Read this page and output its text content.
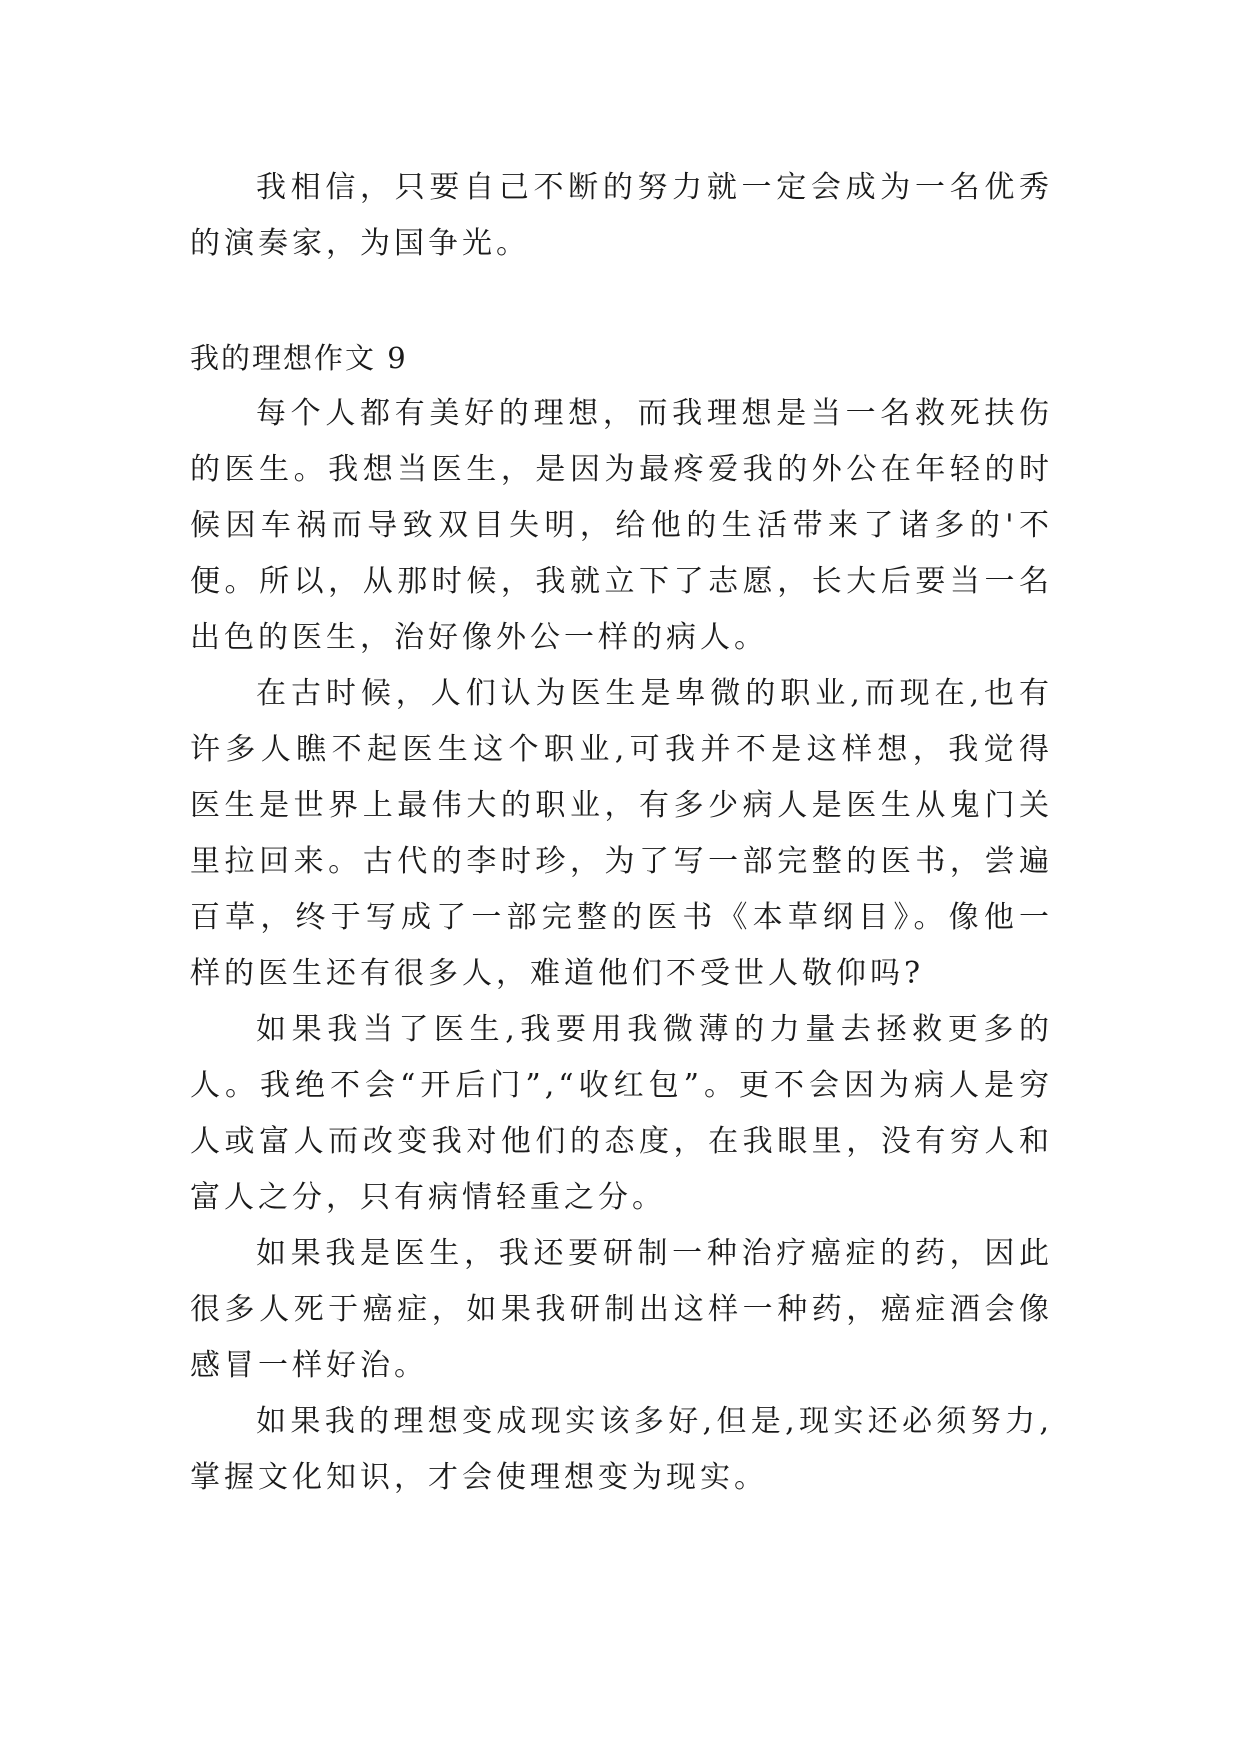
我相信，只要自己不断的努力就一定会成为一名优秀的演奏家，为国争光。

我的理想作文 9

每个人都有美好的理想，而我理想是当一名救死扶伤的医生。我想当医生，是因为最疼爱我的外公在年轻的时候因车祸而导致双目失明，给他的生活带来了诸多的'不便。所以，从那时候，我就立下了志愿，长大后要当一名出色的医生，治好像外公一样的病人。

在古时候，人们认为医生是卑微的职业,而现在,也有许多人瞧不起医生这个职业,可我并不是这样想，我觉得医生是世界上最伟大的职业，有多少病人是医生从鬼门关里拉回来。古代的李时珍，为了写一部完整的医书，尝遍百草，终于写成了一部完整的医书《本草纲目》。像他一样的医生还有很多人，难道他们不受世人敬仰吗?

如果我当了医生,我要用我微薄的力量去拯救更多的人。我绝不会“开后门”,“收红包”。更不会因为病人是穷人或富人而改变我对他们的态度，在我眼里，没有穷人和富人之分，只有病情轻重之分。

如果我是医生，我还要研制一种治疗癌症的药，因此很多人死于癌症，如果我研制出这样一种药，癌症酒会像感冒一样好治。

如果我的理想变成现实该多好,但是,现实还必须努力,掌握文化知识，才会使理想变为现实。
